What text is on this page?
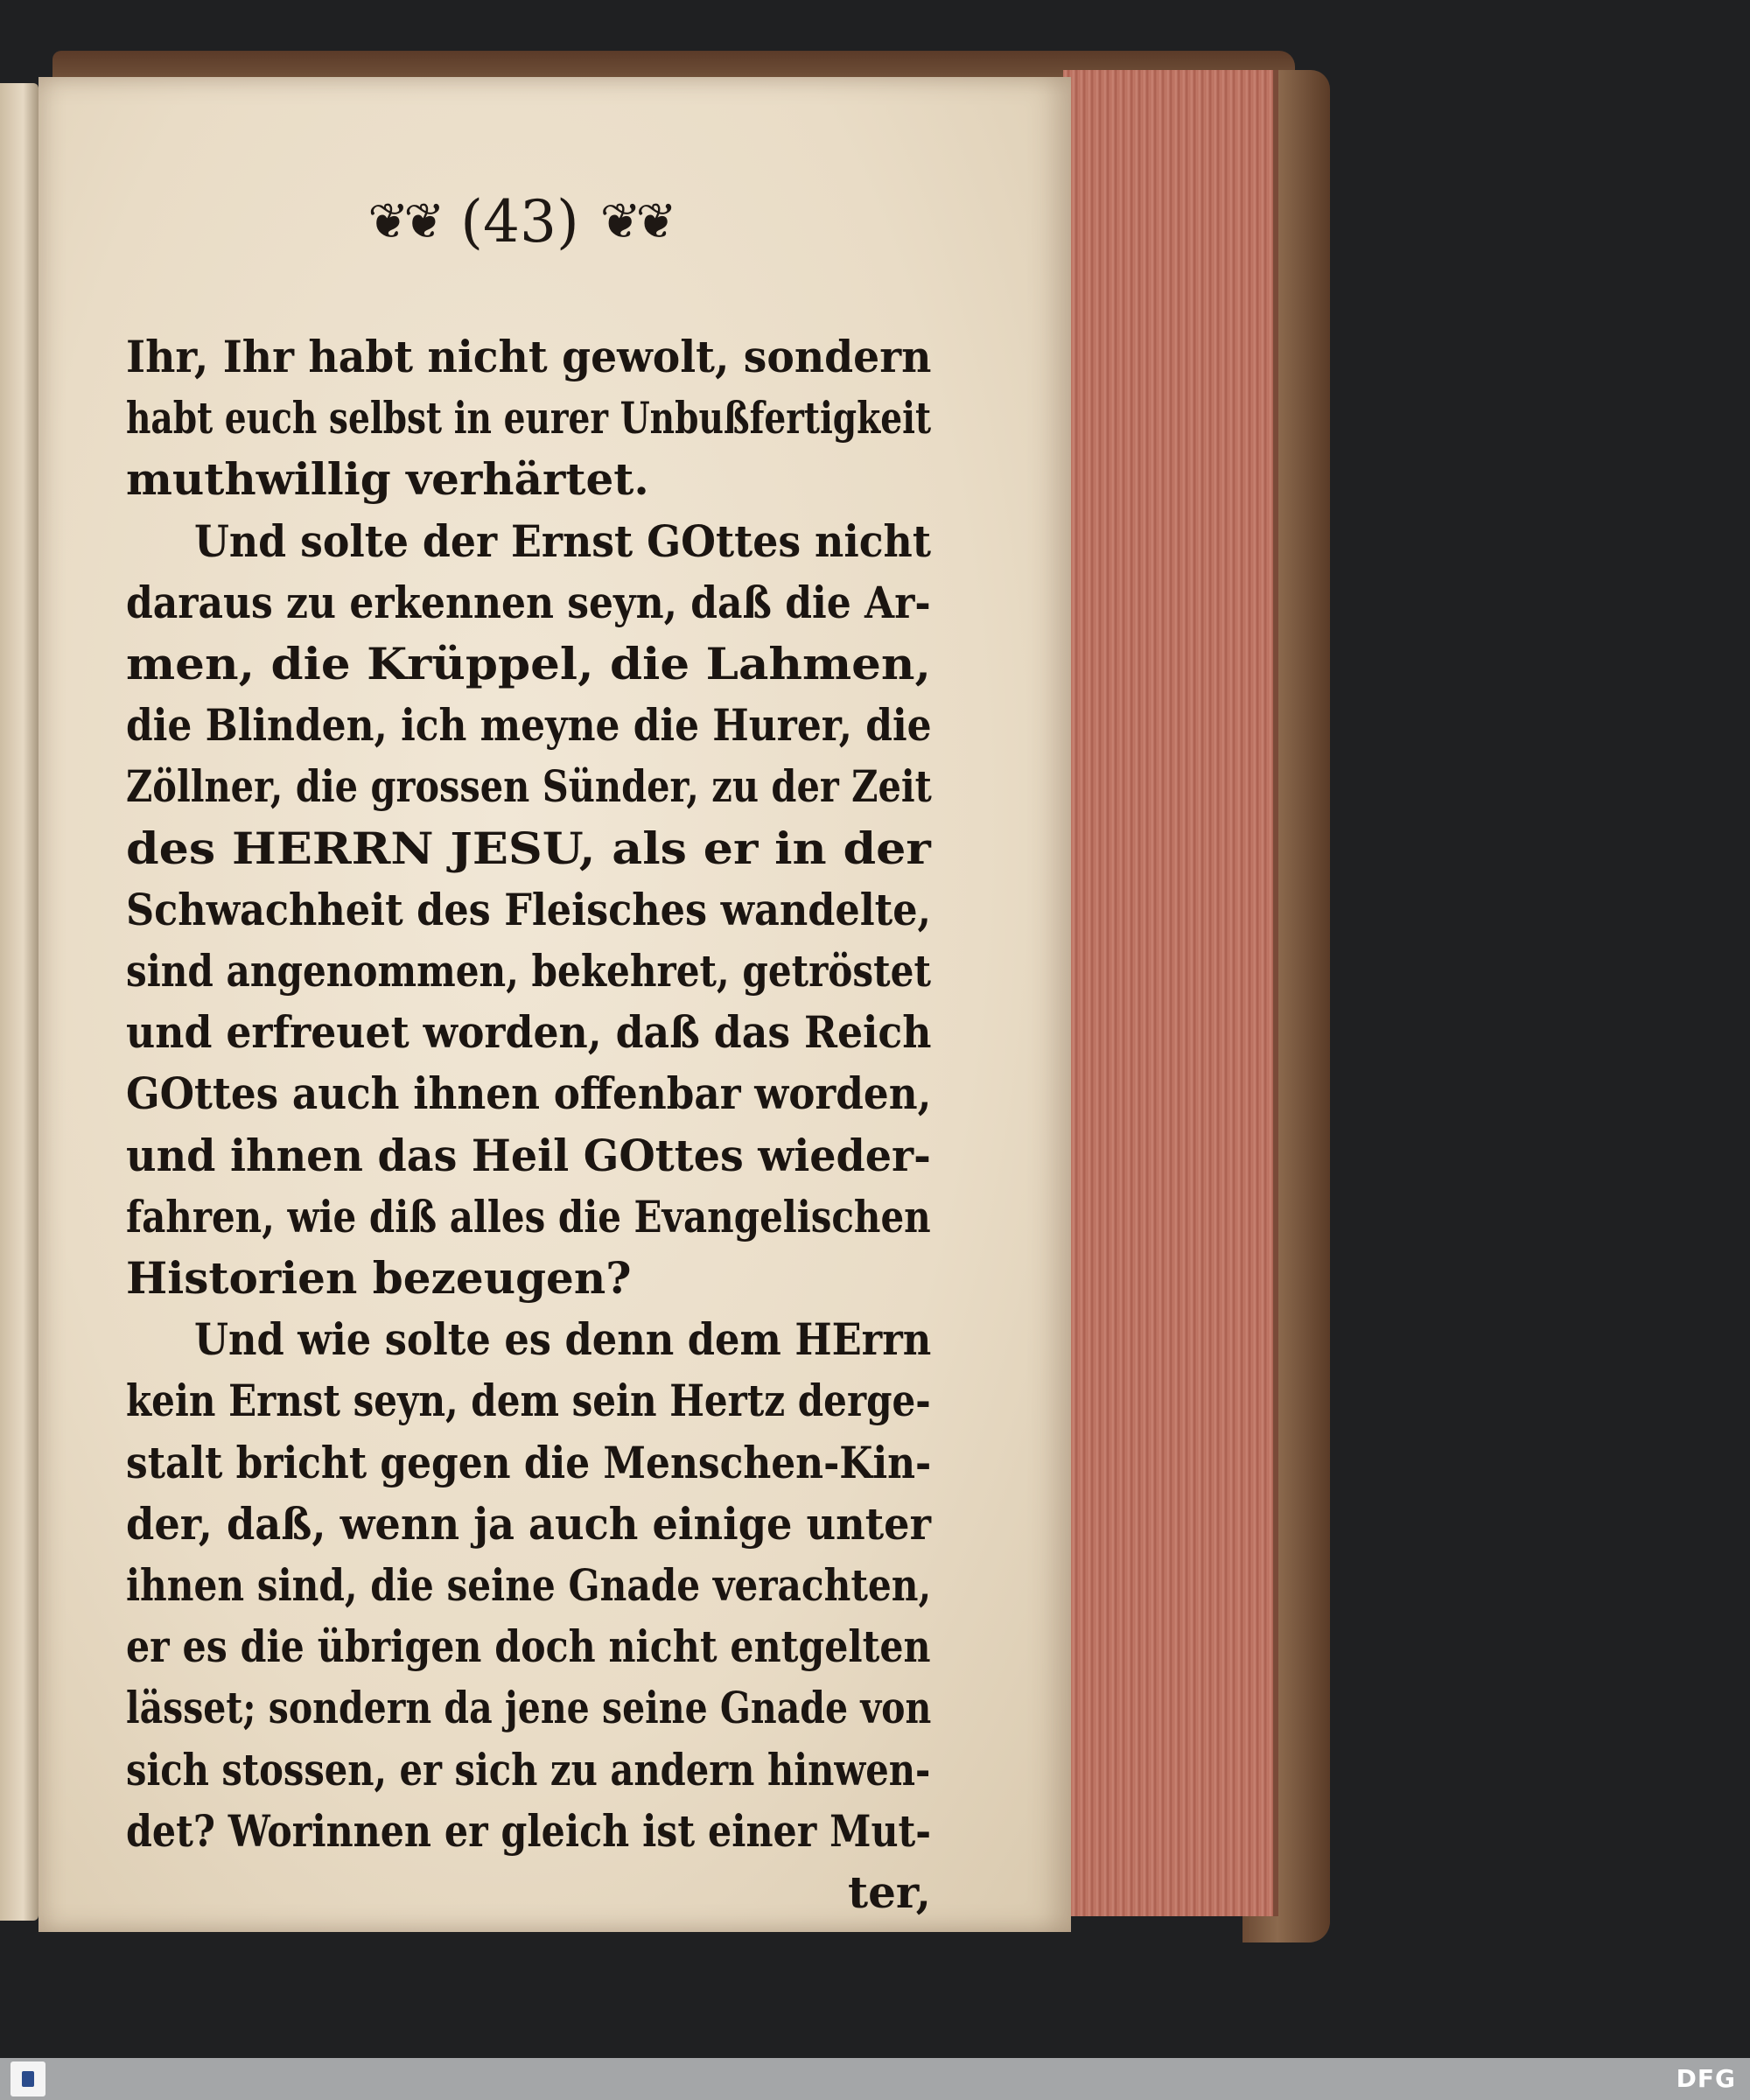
❦❦ (43) ❦❦
Ihr, Ihr habt nicht gewolt, sondern
habt euch selbst in eurer Unbußfertigkeit
muthwillig verhärtet.
Und solte der Ernst GOttes nicht
daraus zu erkennen seyn, daß die Ar-
men, die Krüppel, die Lahmen,
die Blinden, ich meyne die Hurer, die
Zöllner, die grossen Sünder, zu der Zeit
des HERRN JESU, als er in der
Schwachheit des Fleisches wandelte,
sind angenommen, bekehret, getröstet
und erfreuet worden, daß das Reich
GOttes auch ihnen offenbar worden,
und ihnen das Heil GOttes wieder-
fahren, wie diß alles die Evangelischen
Historien bezeugen?
Und wie solte es denn dem HErrn
kein Ernst seyn, dem sein Hertz derge-
stalt bricht gegen die Menschen-Kin-
der, daß, wenn ja auch einige unter
ihnen sind, die seine Gnade verachten,
er es die übrigen doch nicht entgelten
lässet; sondern da jene seine Gnade von
sich stossen, er sich zu andern hinwen-
det? Worinnen er gleich ist einer Mut-
ter,
DFG
